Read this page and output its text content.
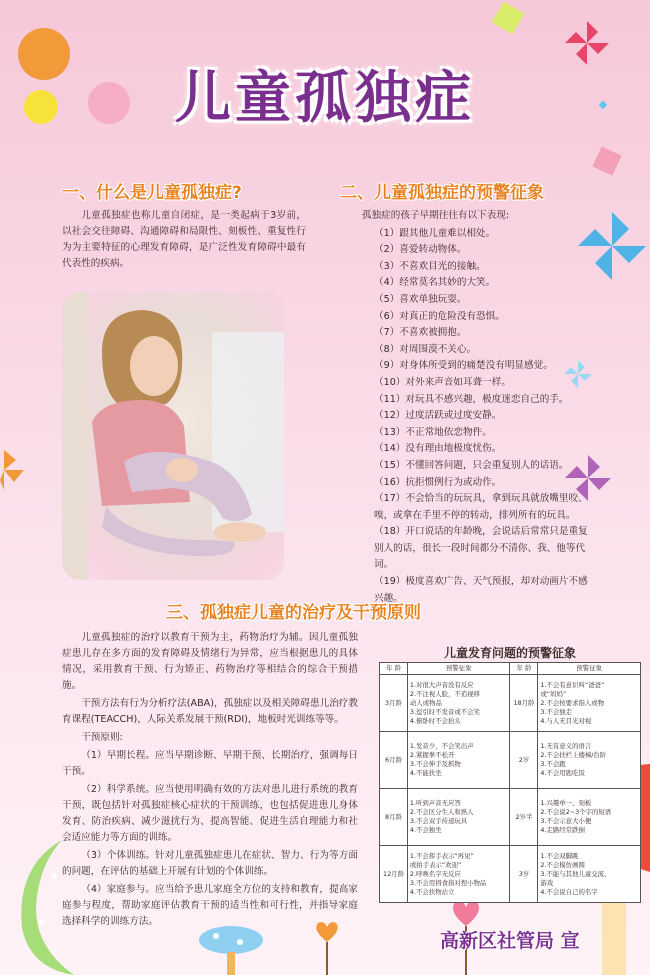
儿童孤独症
一、什么是儿童孤独症?

儿童孤独症也称儿童自闭症，是一类起病于3岁前，以社会交往障碍、沟通障碍和局限性、刻板性、重复性行为为主要特征的心理发育障碍，是广泛性发育障碍中最有代表性的疾病。

二、儿童孤独症的预警征象
孤独症的孩子早期往往有以下表现:
（1）跟其他儿童难以相处。
（2）喜爱转动物体。
（3）不喜欢目光的接触。
（4）经常莫名其妙的大笑。
（5）喜欢单独玩耍。
（6）对真正的危险没有恐惧。
（7）不喜欢被拥抱。
（8）对周围漠不关心。
（9）对身体所受到的痛楚没有明显感觉。
（10）对外来声音如耳聋一样。
（11）对玩具不感兴趣，极度迷恋自己的手。
（12）过度活跃或过度安静。
（13）不正常地依恋物件。
（14）没有理由地极度忧伤。
（15）不懂回答问题，只会重复别人的话语。
（16）抗拒惯例行为或动作。
（17）不会恰当的玩玩具，拿到玩具就放嘴里咬、嗅，或拿在手里不停的转动，排列所有的玩具。
（18）开口说话的年龄晚，会说话后常常只是重复别人的话，很长一段时间都分不清你、我、他等代词。
（19）极度喜欢广告、天气预报，却对动画片不感兴趣。
三、孤独症儿童的治疗及干预原则

儿童孤独症的治疗以教育干预为主，药物治疗为辅。因儿童孤独症患儿存在多方面的发育障碍及情绪行为异常，应当根据患儿的具体情况，采用教育干预、行为矫正、药物治疗等相结合的综合干预措施。

干预方法有行为分析疗法(ABA)，孤独症以及相关障碍患儿治疗教育课程(TEACCH)，人际关系发展干预(RDI)，地板时光训练等等。

干预原则:

（1）早期长程。应当早期诊断、早期干预、长期治疗，强调每日干预。

（2）科学系统。应当使用明确有效的方法对患儿进行系统的教育干预，既包括针对孤独症核心症状的干预训练，也包括促进患儿身体发育、防治疾病、减少滋扰行为、提高智能、促进生活自理能力和社会适应能力等方面的训练。

（3）个体训练。针对儿童孤独症患儿在症状、智力、行为等方面的问题，在评估的基础上开展有计划的个体训练。

（4）家庭参与。应当给予患儿家庭全方位的支持和教育，提高家庭参与程度，帮助家庭评估教育干预的适当性和可行性，并指导家庭选择科学的训练方法。

儿童发育问题的预警征象
年 龄	预警征象	年 龄	预警征象
3月龄	1.对很大声音没有反应
2.不注视人脸，不追视移
动人或物品
3.逗引时不发音或不会笑
4.俯卧时不会抬头	18月龄	1.不会有意识叫“爸爸”
或“妈妈”
2.不会按要求指人或物
3.不会独走
4.与人无目光对视

6月龄	1.发音少，不会笑出声
2.紧握拳不松开
3.不会伸手及抓物
4.不能扶坐	2岁	1.无有意义的语言
2.不会扶栏上楼梯/台阶
3.不会跑
4.不会用匙吃饭

8月龄	1.听到声音无应答
2.不会区分生人和熟人
3.不会双手传递玩具
4.不会独坐	2岁半	1.兴趣单一、刻板
2.不会说2~3个字的短语
3.不会示意大小便
4.走路经常跌倒

12月龄	1.不会挥手表示“再见”
或拍手表示“欢迎”
2.呼唤名字无反应
3.不会用拇食指对捏小物品
4.不会扶物站立	3岁	1.不会双脚跳
2.不会模仿画圆
3.不能与其他儿童交流、
游戏
4.不会说自己的名字
高新区社管局 宣
